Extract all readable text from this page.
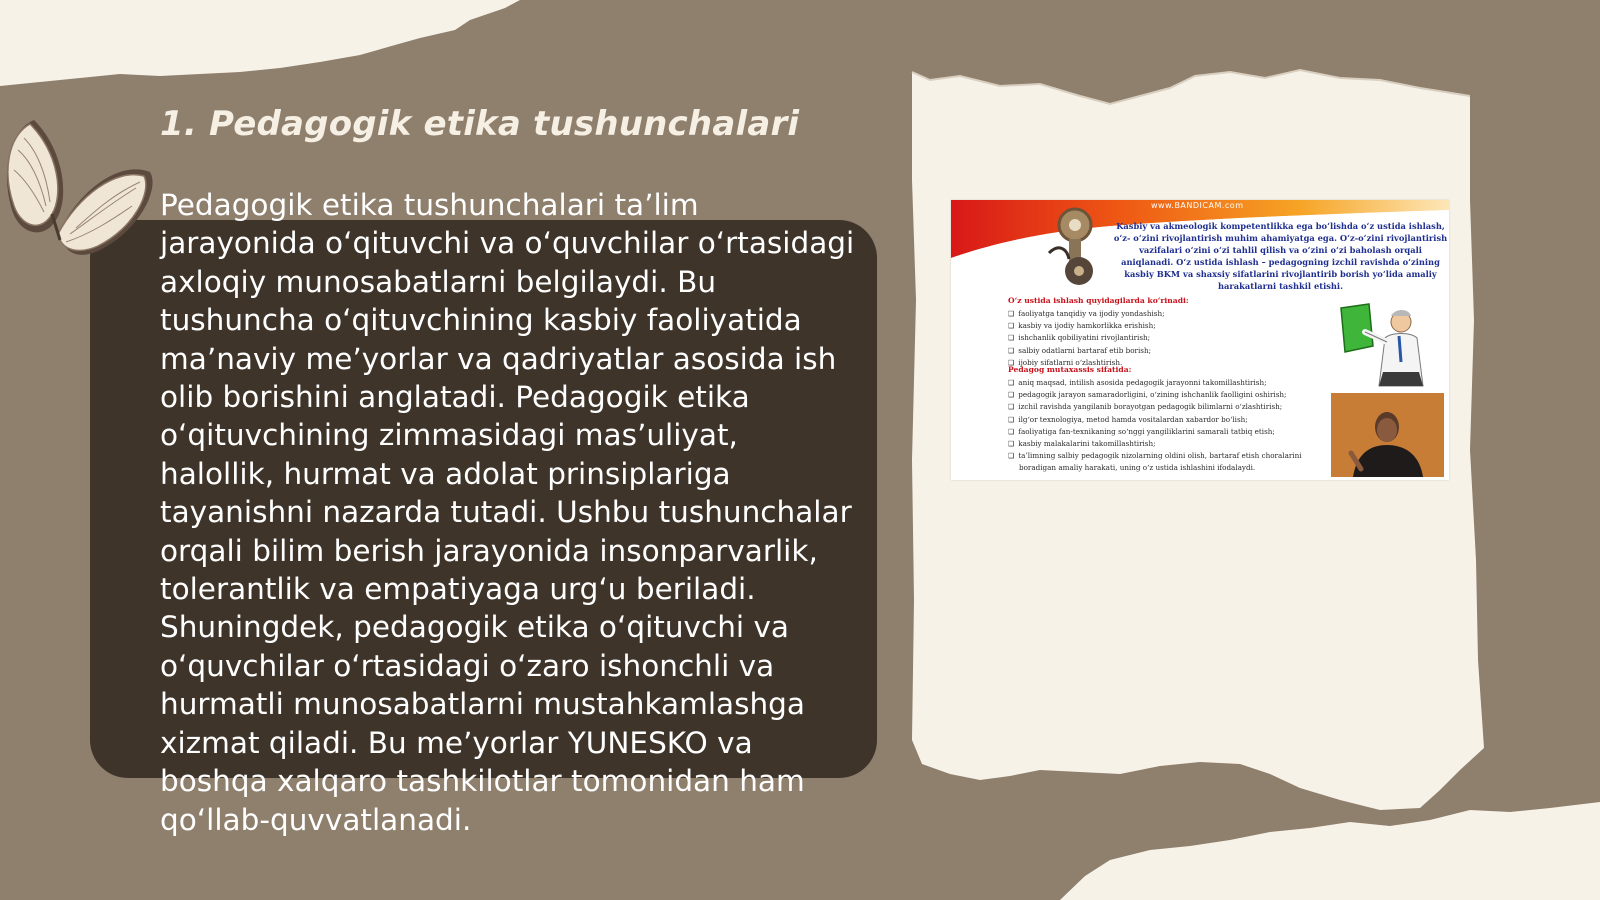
1. Pedagogik etika tushunchalari

Pedagogik etika tushunchalari ta’lim jarayonida o‘qituvchi va o‘quvchilar o‘rtasidagi axloqiy munosabatlarni belgilaydi. Bu tushuncha o‘qituvchining kasbiy faoliyatida ma’naviy me’yorlar va qadriyatlar asosida ish olib borishini anglatadi. Pedagogik etika o‘qituvchining zimmasidagi mas’uliyat, halollik, hurmat va adolat prinsiplariga tayanishni nazarda tutadi. Ushbu tushunchalar orqali bilim berish jarayonida insonparvarlik, tolerantlik va empatiyaga urg‘u beriladi. Shuningdek, pedagogik etika o‘qituvchi va o‘quvchilar o‘rtasidagi o‘zaro ishonchli va hurmatli munosabatlarni mustahkamlashga xizmat qiladi. Bu me’yorlar YUNESKO va boshqa xalqaro tashkilotlar tomonidan ham qo‘llab-quvvatlanadi.

www.BANDICAM.com

Kasbiy va akmeologik kompetentlikka ega bo‘lishda o‘z ustida ishlash, o‘z- o‘zini rivojlantirish muhim ahamiyatga ega. O‘z-o‘zini rivojlantirish vazifalari o‘zini o‘zi tahlil qilish va o‘zini o‘zi baholash orqali aniqlanadi. O‘z ustida ishlash – pedagogning izchil ravishda o‘zining kasbiy BKM va shaxsiy sifatlarini rivojlantirib borish yo‘lida amaliy harakatlarni tashkil etishi.

O‘z ustida ishlash quyidagilarda ko‘rinadi:

❑ faoliyatga tanqidiy va ijodiy yondashish;
❑ kasbiy va ijodiy hamkorlikka erishish;
❑ ishchanlik qobiliyatini rivojlantirish;
❑ salbiy odatlarni bartaraf etib borish;
❑ ijobiy sifatlarni o‘zlashtirish.

Pedagog mutaxassis sifatida:

❑ aniq maqsad, intilish asosida pedagogik jarayonni takomillashtirish;
❑ pedagogik jarayon samaradorligini, o‘zining ishchanlik faolligini oshirish;
❑ izchil ravishda yangilanib borayotgan pedagogik bilimlarni o‘zlashtirish;
❑ ilg‘or texnologiya, metod hamda vositalardan xabardor bo‘lish;
❑ faoliyatiga fan-texnikaning so‘nggi yangiliklarini samarali tatbiq etish;
❑ kasbiy malakalarini takomillashtirish;
❑ ta’limning salbiy pedagogik nizolarning oldini olish, bartaraf etish choralarini
boradigan amaliy harakati, uning o‘z ustida ishlashini ifodalaydi.
